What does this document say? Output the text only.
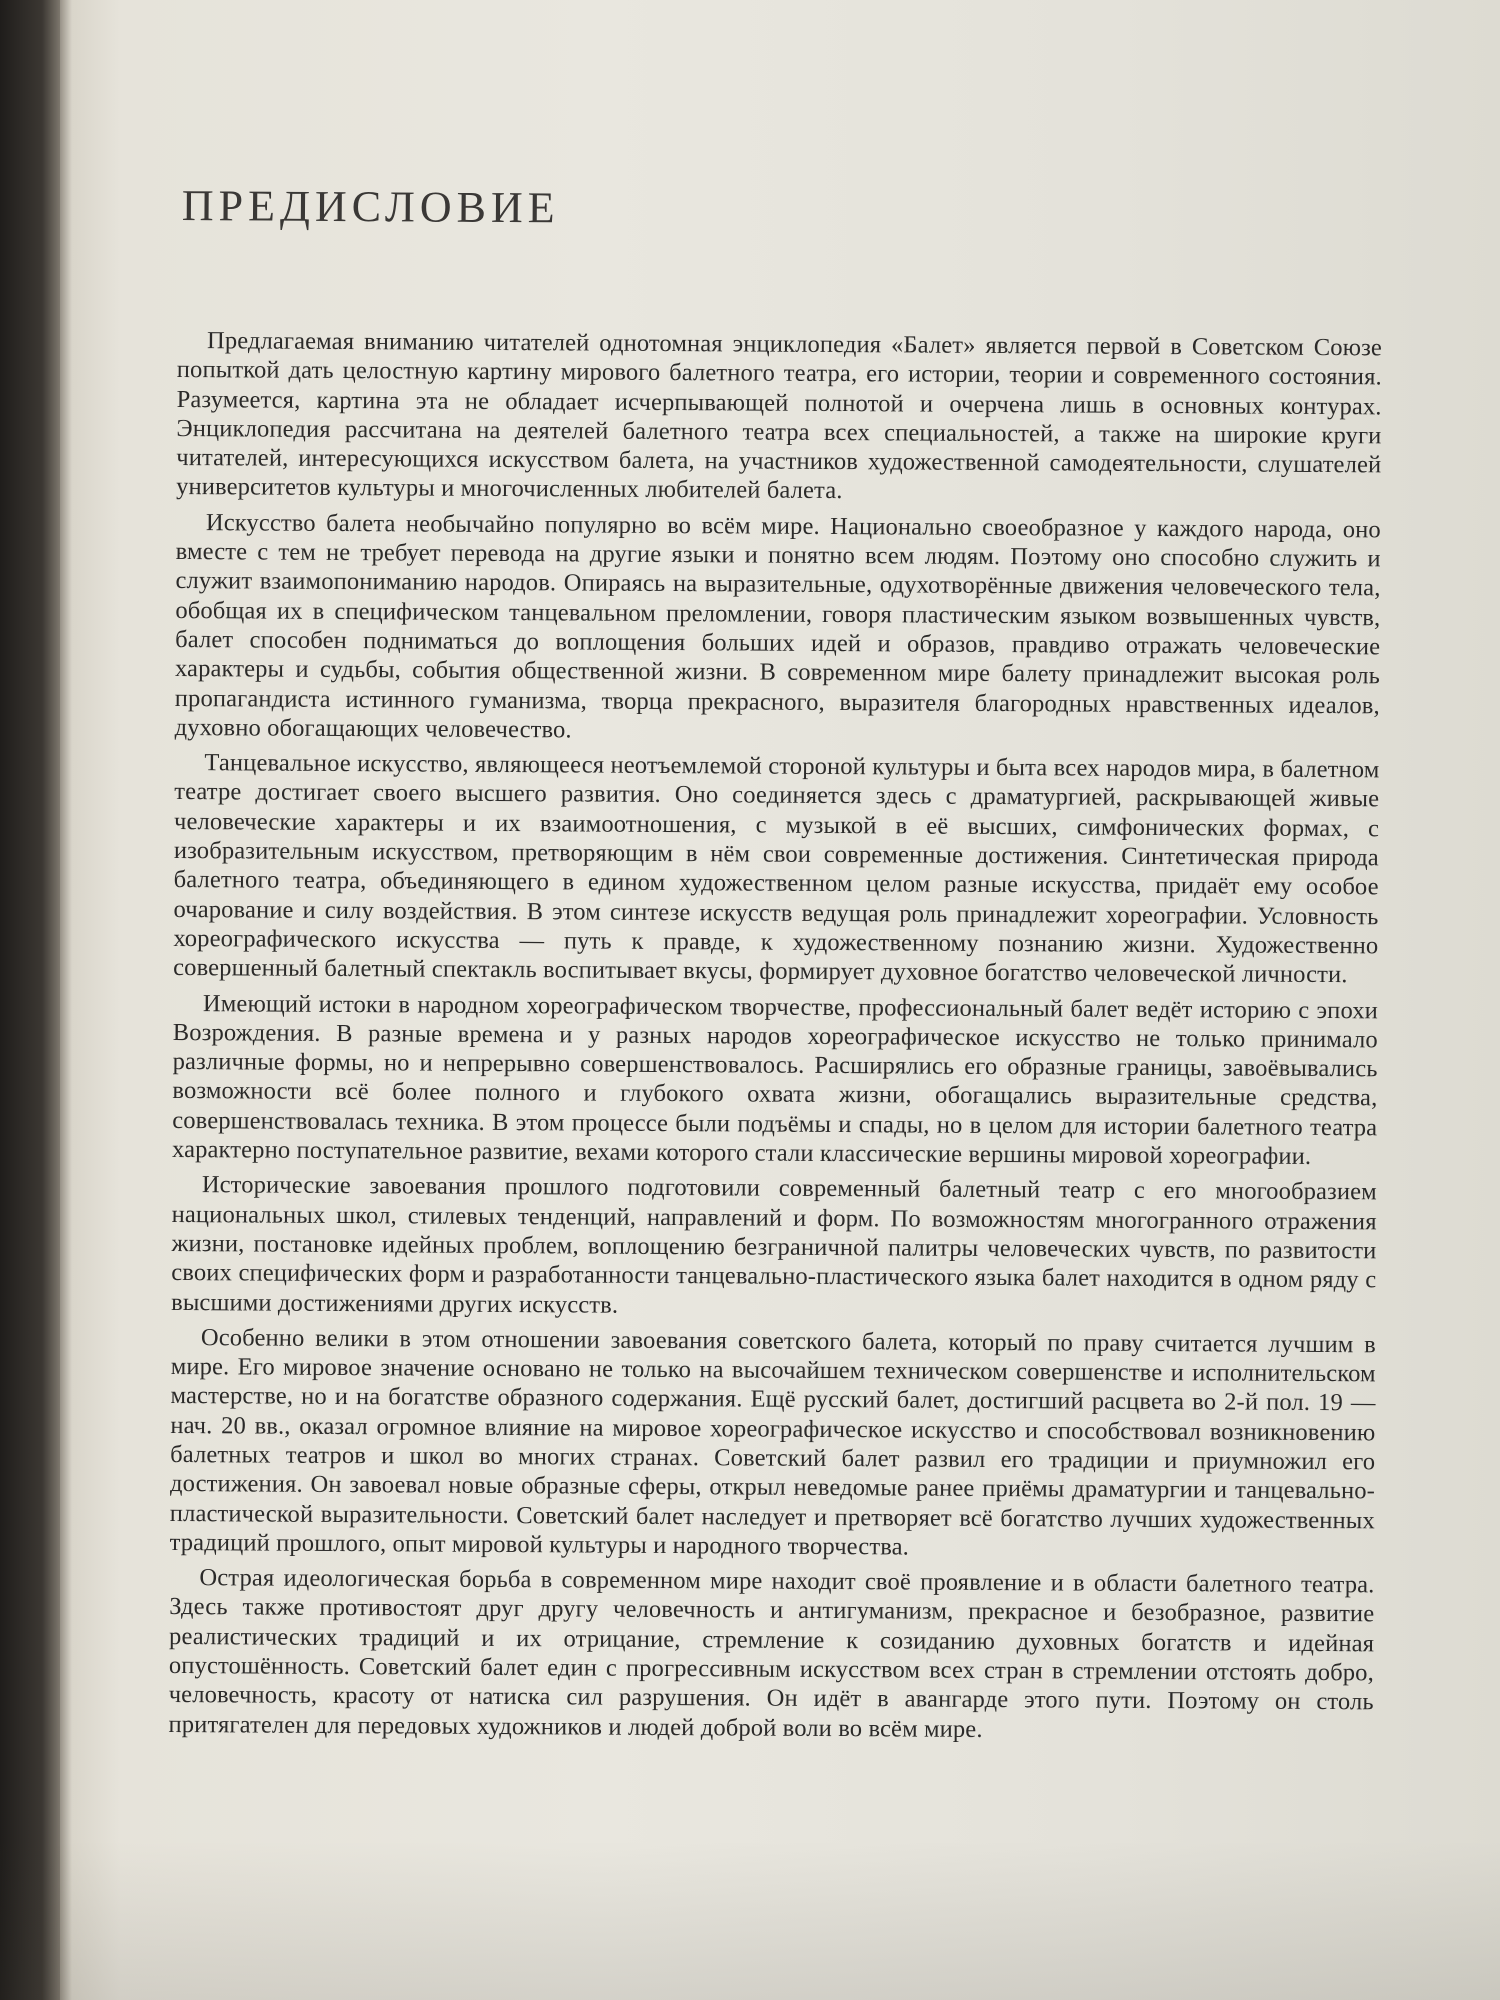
ПРЕДИСЛОВИЕ

Предлагаемая вниманию читателей однотомная энциклопедия «Балет» является первой в Советском Союзе попыткой дать целостную картину мирового балетного театра, его истории, теории и современного состояния. Разумеется, картина эта не обладает исчерпывающей полнотой и очерчена лишь в основных контурах. Энциклопедия рассчитана на деятелей балетного театра всех специальностей, а также на широкие круги читателей, интересующихся искусством балета, на участников художественной самодеятельности, слушателей университетов культуры и многочисленных любителей балета.

Искусство балета необычайно популярно во всём мире. Национально своеобразное у каждого народа, оно вместе с тем не требует перевода на другие языки и понятно всем людям. Поэтому оно способно служить и служит взаимопониманию народов. Опираясь на выразительные, одухотворённые движения человеческого тела, обобщая их в специфическом танцевальном преломлении, говоря пластическим языком возвышенных чувств, балет способен подниматься до воплощения больших идей и образов, правдиво отражать человеческие характеры и судьбы, события общественной жизни. В современном мире балету принадлежит высокая роль пропагандиста истинного гуманизма, творца прекрасного, выразителя благородных нравственных идеалов, духовно обогащающих человечество.

Танцевальное искусство, являющееся неотъемлемой стороной культуры и быта всех народов мира, в балетном театре достигает своего высшего развития. Оно соединяется здесь с драматургией, раскрывающей живые человеческие характеры и их взаимоотношения, с музыкой в её высших, симфонических формах, с изобразительным искусством, претворяющим в нём свои современные достижения. Синтетическая природа балетного театра, объединяющего в едином художественном целом разные искусства, придаёт ему особое очарование и силу воздействия. В этом синтезе искусств ведущая роль принадлежит хореографии. Условность хореографического искусства — путь к правде, к художественному познанию жизни. Художественно совершенный балетный спектакль воспитывает вкусы, формирует духовное богатство человеческой личности.

Имеющий истоки в народном хореографическом творчестве, профессиональный балет ведёт историю с эпохи Возрождения. В разные времена и у разных народов хореографическое искусство не только принимало различные формы, но и непрерывно совершенствовалось. Расширялись его образные границы, завоёвывались возможности всё более полного и глубокого охвата жизни, обогащались выразительные средства, совершенствовалась техника. В этом процессе были подъёмы и спады, но в целом для истории балетного театра характерно поступательное развитие, вехами которого стали классические вершины мировой хореографии.

Исторические завоевания прошлого подготовили современный балетный театр с его многообразием национальных школ, стилевых тенденций, направлений и форм. По возможностям многогранного отражения жизни, постановке идейных проблем, воплощению безграничной палитры человеческих чувств, по развитости своих специфических форм и разработанности танцевально-пластического языка балет находится в одном ряду с высшими достижениями других искусств.

Особенно велики в этом отношении завоевания советского балета, который по праву считается лучшим в мире. Его мировое значение основано не только на высочайшем техническом совершенстве и исполнительском мастерстве, но и на богатстве образного содержания. Ещё русский балет, достигший расцвета во 2-й пол. 19 — нач. 20 вв., оказал огромное влияние на мировое хореографическое искусство и способствовал возникновению балетных театров и школ во многих странах. Советский балет развил его традиции и приумножил его достижения. Он завоевал новые образные сферы, открыл неведомые ранее приёмы драматургии и танцевально-пластической выразительности. Советский балет наследует и претворяет всё богатство лучших художественных традиций прошлого, опыт мировой культуры и народного творчества.

Острая идеологическая борьба в современном мире находит своё проявление и в области балетного театра. Здесь также противостоят друг другу человечность и антигуманизм, прекрасное и безобразное, развитие реалистических традиций и их отрицание, стремление к созиданию духовных богатств и идейная опустошённость. Советский балет един с прогрессивным искусством всех стран в стремлении отстоять добро, человечность, красоту от натиска сил разрушения. Он идёт в авангарде этого пути. Поэтому он столь притягателен для передовых художников и людей доброй воли во всём мире.
